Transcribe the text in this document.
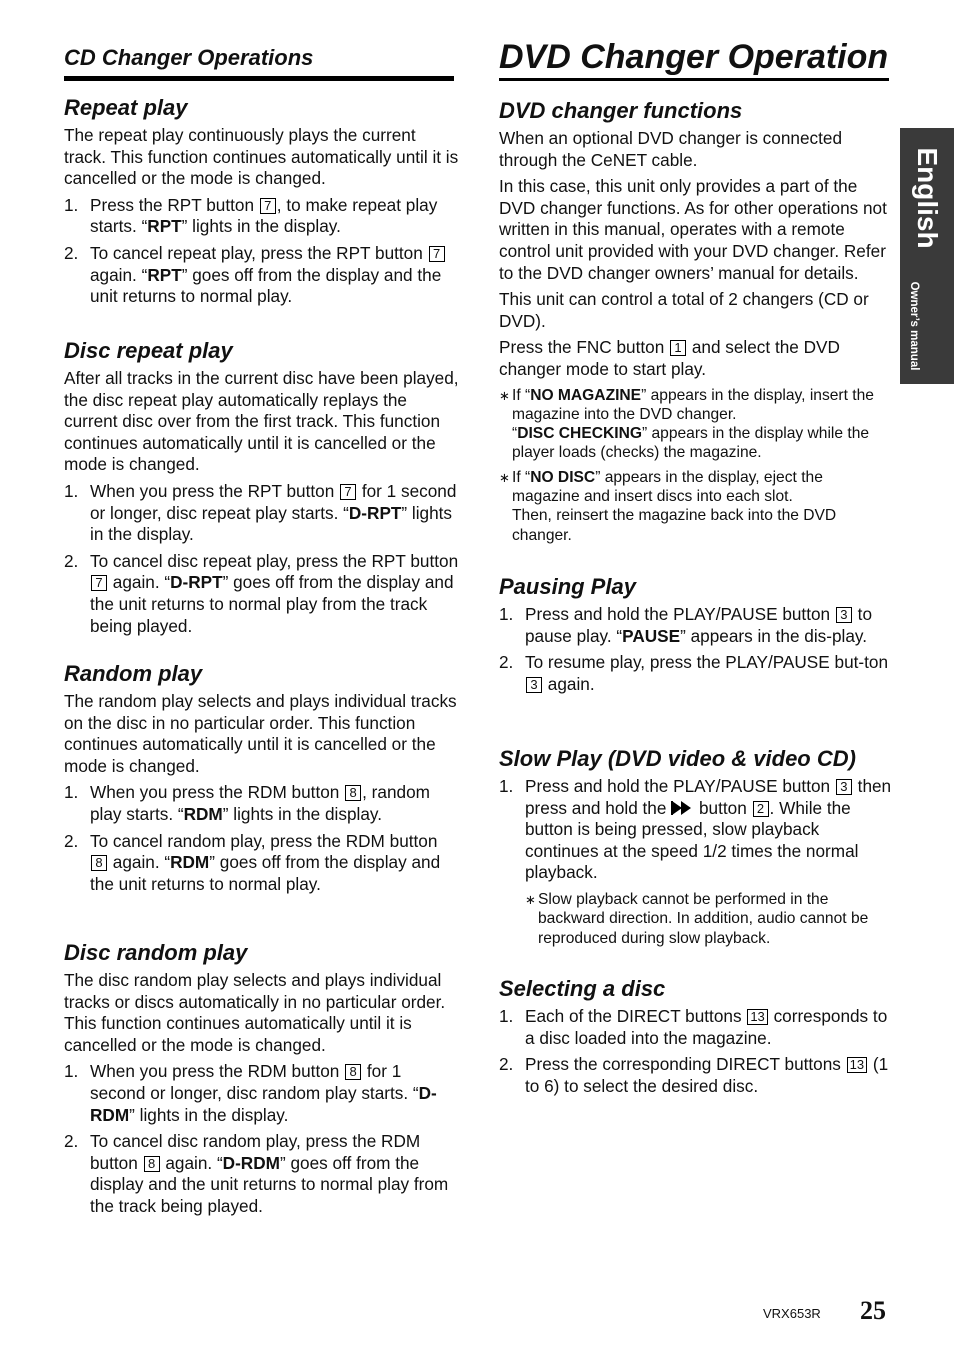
CD Changer Operations
Repeat play

The repeat play continuously plays the current track. This function continues automatically until it is cancelled or the mode is changed.

1. Press the RPT button 7 , to make repeat play starts. “RPT” lights in the display.
2. To cancel repeat play, press the RPT button 7 again. “RPT” goes off from the display and the unit returns to normal play.
Disc repeat play

After all tracks in the current disc have been played, the disc repeat play automatically replays the current disc over from the first track. This function continues automatically until it is cancelled or the mode is changed.

1. When you press the RPT button 7 for 1 second or longer, disc repeat play starts. “D-RPT” lights in the display.
2. To cancel disc repeat play, press the RPT button 7 again. “D-RPT” goes off from the display and the unit returns to normal play from the track being played.
Random play

The random play selects and plays individual tracks on the disc in no particular order. This function continues automatically until it is cancelled or the mode is changed.

1. When you press the RDM button 8 , random play starts. “RDM” lights in the display.
2. To cancel random play, press the RDM button 8 again. “RDM” goes off from the display and the unit returns to normal play.
Disc random play

The disc random play selects and plays individual tracks or discs automatically in no particular order. This function continues automatically until it is cancelled or the mode is changed.

1. When you press the RDM button 8 for 1 second or longer, disc random play starts. “D-RDM” lights in the display.
2. To cancel disc random play, press the RDM button 8 again. “D-RDM” goes off from the display and the unit returns to normal play from the track being played.
DVD Changer Operation
DVD changer functions

When an optional DVD changer is connected through the CeNET cable.

In this case, this unit only provides a part of the DVD changer functions. As for other operations not written in this manual, operates with a remote control unit provided with your DVD changer. Refer to the DVD changer owners’ manual for details.

This unit can control a total of 2 changers (CD or DVD).

Press the FNC button 1 and select the DVD changer mode to start play.

∗ If “NO MAGAZINE” appears in the display, insert the magazine into the DVD changer.
“DISC CHECKING” appears in the display while the player loads (checks) the magazine.
∗ If “NO DISC” appears in the display, eject the magazine and insert discs into each slot.
Then, reinsert the magazine back into the DVD changer.
Pausing Play
1. Press and hold the PLAY/PAUSE button 3 to pause play. “PAUSE” appears in the dis-play.
2. To resume play, press the PLAY/PAUSE but-ton 3 again.
Slow Play (DVD video & video CD)
1. Press and hold the PLAY/PAUSE button 3 then press and hold the  button 2 . While the button is being pressed, slow playback continues at the speed 1/2 times the normal playback.
∗ Slow playback cannot be performed in the backward direction. In addition, audio cannot be reproduced during slow playback.
Selecting a disc
1. Each of the DIRECT buttons 13 corresponds to a disc loaded into the magazine.
2. Press the corresponding DIRECT buttons 13 (1 to 6) to select the desired disc.
English
Owner’s manual
VRX653R 25
